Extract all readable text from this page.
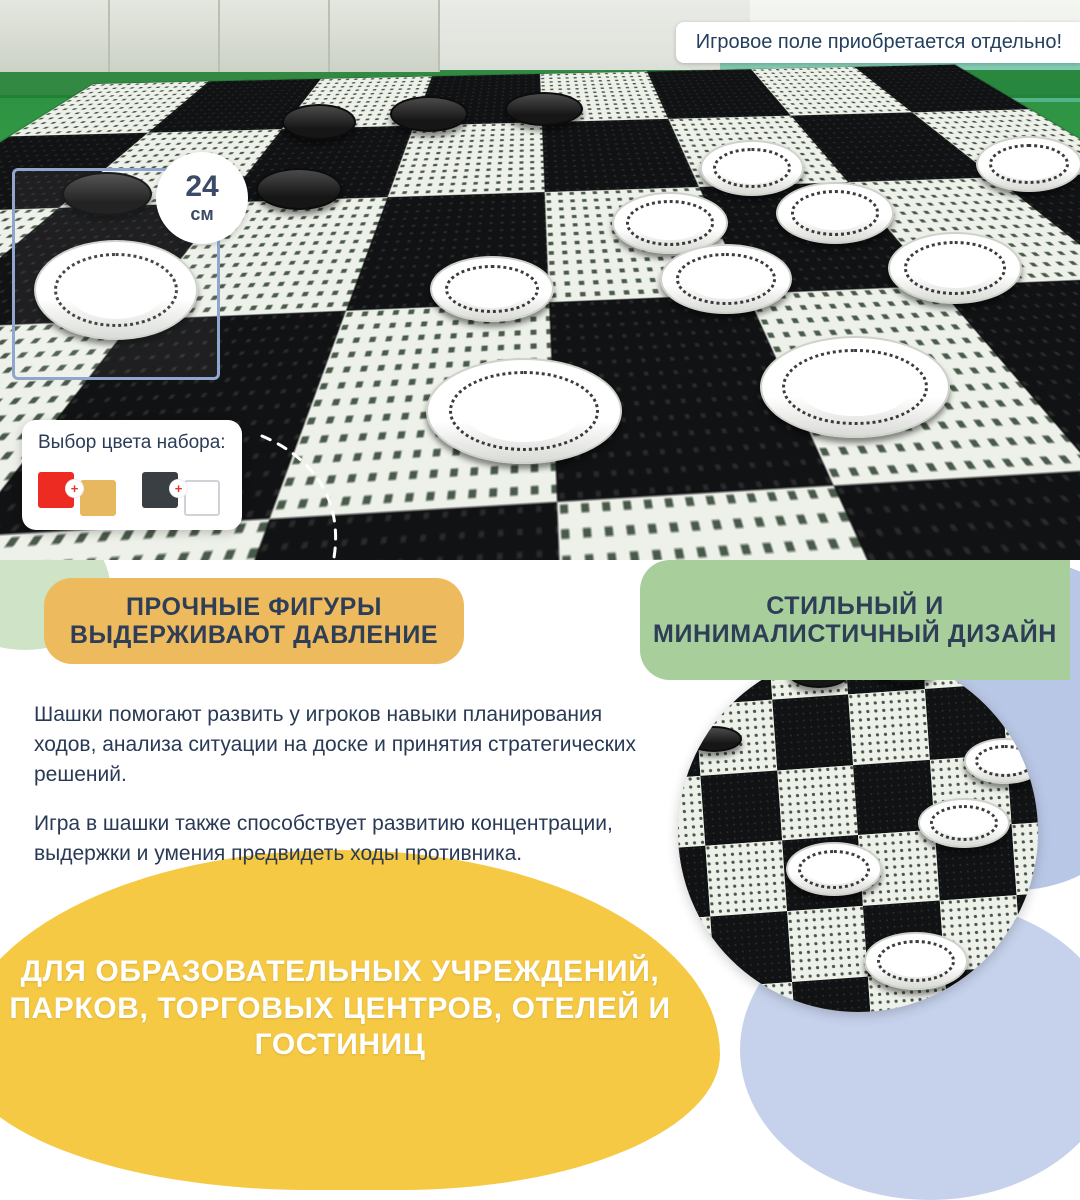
24
см
Игровое поле приобретается отдельно!
Выбор цвета набора:
+	+
ПРОЧНЫЕ ФИГУРЫ ВЫДЕРЖИВАЮТ ДАВЛЕНИЕ
СТИЛЬНЫЙ И МИНИМАЛИСТИЧНЫЙ ДИЗАЙН

Шашки помогают развить у игроков навыки планирования ходов, анализа ситуации на доске и принятия стратегических решений.

Игра в шашки также способствует развитию концентрации, выдержки и умения предвидеть ходы противника.

ДЛЯ ОБРАЗОВАТЕЛЬНЫХ УЧРЕЖДЕНИЙ, ПАРКОВ, ТОРГОВЫХ ЦЕНТРОВ, ОТЕЛЕЙ И ГОСТИНИЦ
